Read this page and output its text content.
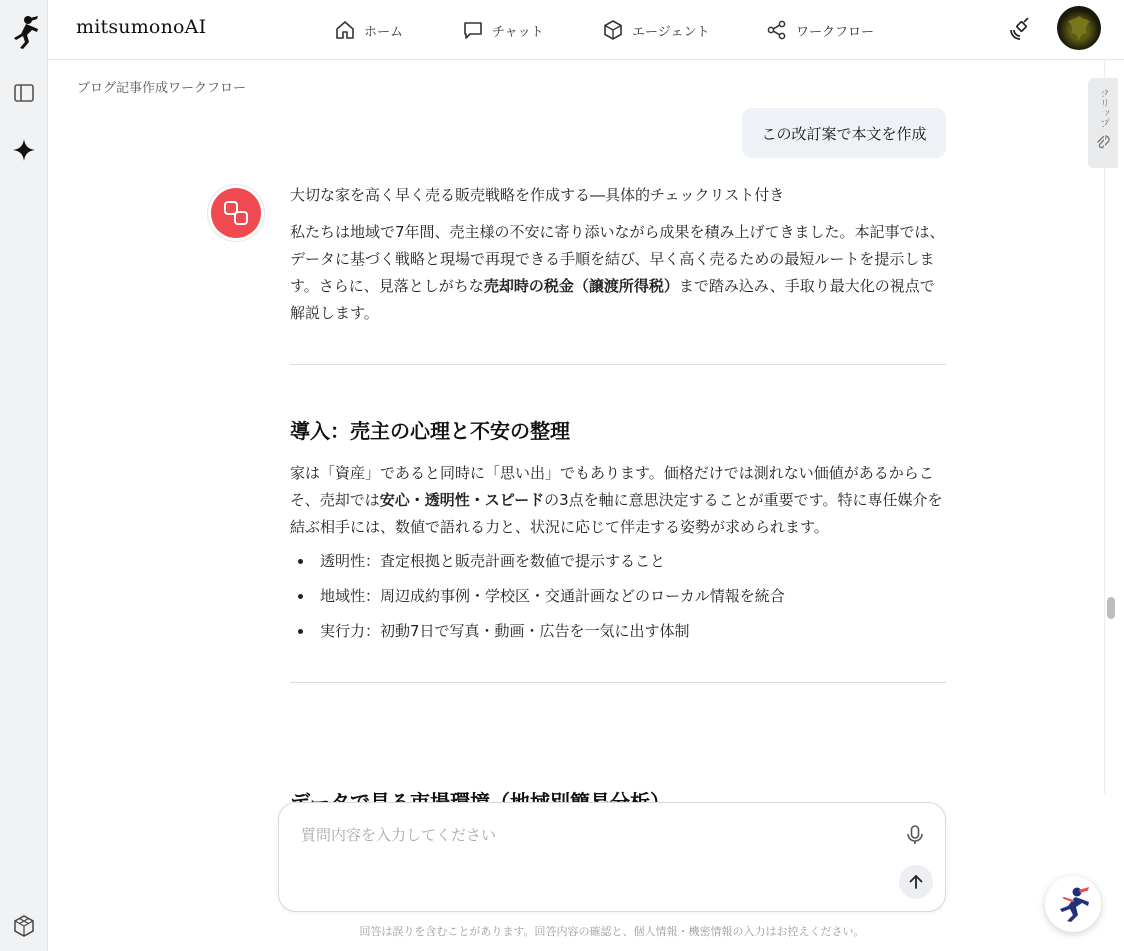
mitsumonoAI	ホーム	チャット	エージェント	ワークフロー
ブログ記事作成ワークフロー	クリップ
この改訂案で本文を作成
大切な家を高く早く売る販売戦略を作成する―具体的チェックリスト付き

私たちは地域で7年間、売主様の不安に寄り添いながら成果を積み上げてきました。本記事では、データに基づく戦略と現場で再現できる手順を結び、早く高く売るための最短ルートを提示します。さらに、見落としがちな売却時の税金（譲渡所得税）まで踏み込み、手取り最大化の視点で解説します。

導入：売主の心理と不安の整理

家は「資産」であると同時に「思い出」でもあります。価格だけでは測れない価値があるからこそ、売却では安心・透明性・スピードの3点を軸に意思決定することが重要です。特に専任媒介を結ぶ相手には、数値で語れる力と、状況に応じて伴走する姿勢が求められます。

透明性：査定根拠と販売計画を数値で提示すること
地域性：周辺成約事例・学校区・交通計画などのローカル情報を統合
実行力：初動7日で写真・動画・広告を一気に出す体制
質問内容を入力してください
回答は誤りを含むことがあります。回答内容の確認と、個人情報・機密情報の入力はお控えください。
